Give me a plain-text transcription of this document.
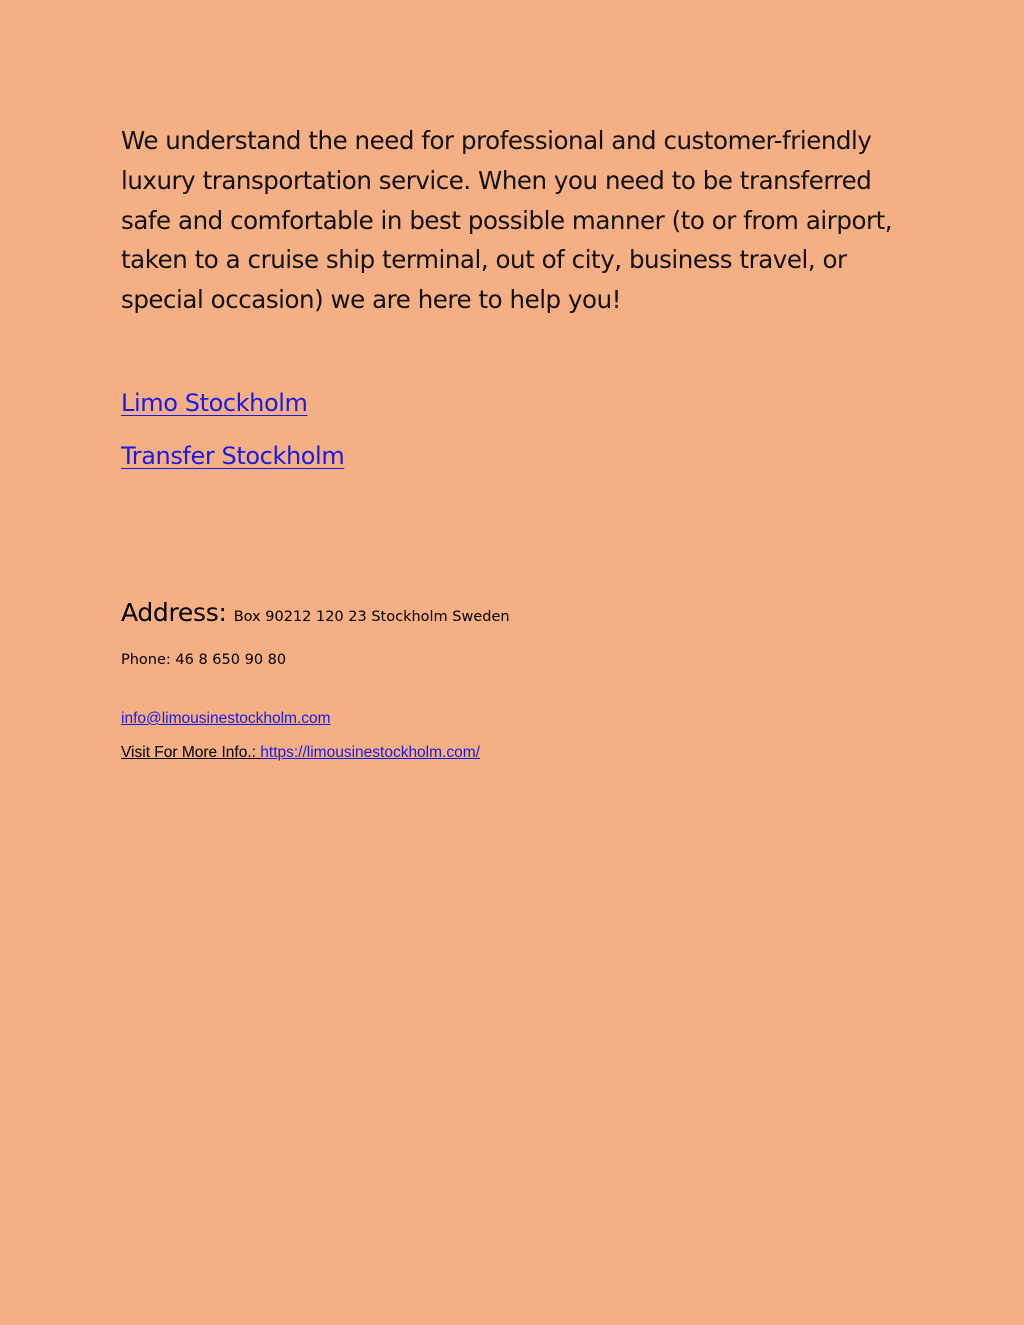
We understand the need for professional and customer-friendly luxury transportation service. When you need to be transferred safe and comfortable in best possible manner (to or from airport, taken to a cruise ship terminal, out of city, business travel, or special occasion) we are here to help you!

Limo Stockholm
Transfer Stockholm
Address: Box 90212 120 23 Stockholm Sweden
Phone: 46 8 650 90 80
info@limousinestockholm.com
Visit For More Info.: https://limousinestockholm.com/
